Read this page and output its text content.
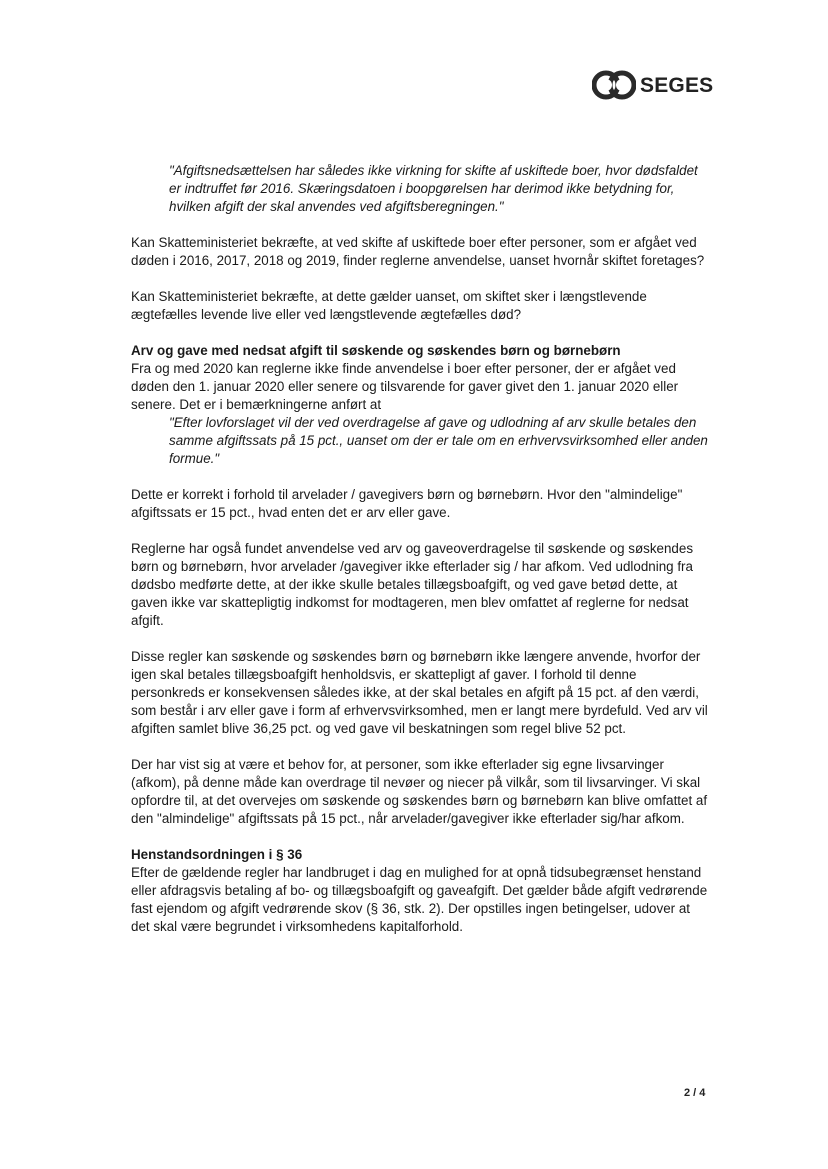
SEGES

"Afgiftsnedsættelsen har således ikke virkning for skifte af uskiftede boer, hvor dødsfaldet er indtruffet før 2016. Skæringsdatoen i boopgørelsen har derimod ikke betydning for, hvilken afgift der skal anvendes ved afgiftsberegningen."

Kan Skatteministeriet bekræfte, at ved skifte af uskiftede boer efter personer, som er afgået ved døden i 2016, 2017, 2018 og 2019, finder reglerne anvendelse, uanset hvornår skiftet foretages?

Kan Skatteministeriet bekræfte, at dette gælder uanset, om skiftet sker i længstlevende ægtefælles levende live eller ved længstlevende ægtefælles død?

Arv og gave med nedsat afgift til søskende og søskendes børn og børnebørn

Fra og med 2020 kan reglerne ikke finde anvendelse i boer efter personer, der er afgået ved døden den 1. januar 2020 eller senere og tilsvarende for gaver givet den 1. januar 2020 eller senere. Det er i bemærkningerne anført at

"Efter lovforslaget vil der ved overdragelse af gave og udlodning af arv skulle betales den samme afgiftssats på 15 pct., uanset om der er tale om en erhvervsvirksomhed eller anden formue."

Dette er korrekt i forhold til arvelader / gavegivers børn og børnebørn. Hvor den "almindelige" afgiftssats er 15 pct., hvad enten det er arv eller gave.

Reglerne har også fundet anvendelse ved arv og gaveoverdragelse til søskende og søskendes børn og børnebørn, hvor arvelader /gavegiver ikke efterlader sig / har afkom. Ved udlodning fra dødsbo medførte dette, at der ikke skulle betales tillægsboafgift, og ved gave betød dette, at gaven ikke var skattepligtig indkomst for modtageren, men blev omfattet af reglerne for nedsat afgift.

Disse regler kan søskende og søskendes børn og børnebørn ikke længere anvende, hvorfor der igen skal betales tillægsboafgift henholdsvis, er skattepligt af gaver. I forhold til denne personkreds er konsekvensen således ikke, at der skal betales en afgift på 15 pct. af den værdi, som består i arv eller gave i form af erhvervsvirksomhed, men er langt mere byrdefuld. Ved arv vil afgiften samlet blive 36,25 pct. og ved gave vil beskatningen som regel blive 52 pct.

Der har vist sig at være et behov for, at personer, som ikke efterlader sig egne livsarvinger (afkom), på denne måde kan overdrage til nevøer og niecer på vilkår, som til livsarvinger. Vi skal opfordre til, at det overvejes om søskende og søskendes børn og børnebørn kan blive omfattet af den "almindelige" afgiftssats på 15 pct., når arvelader/gavegiver ikke efterlader sig/har afkom.

Henstandsordningen i § 36

Efter de gældende regler har landbruget i dag en mulighed for at opnå tidsubegrænset henstand eller afdragsvis betaling af bo- og tillægsboafgift og gaveafgift. Det gælder både afgift vedrørende fast ejendom og afgift vedrørende skov (§ 36, stk. 2). Der opstilles ingen betingelser, udover at det skal være begrundet i virksomhedens kapitalforhold.

2 / 4
